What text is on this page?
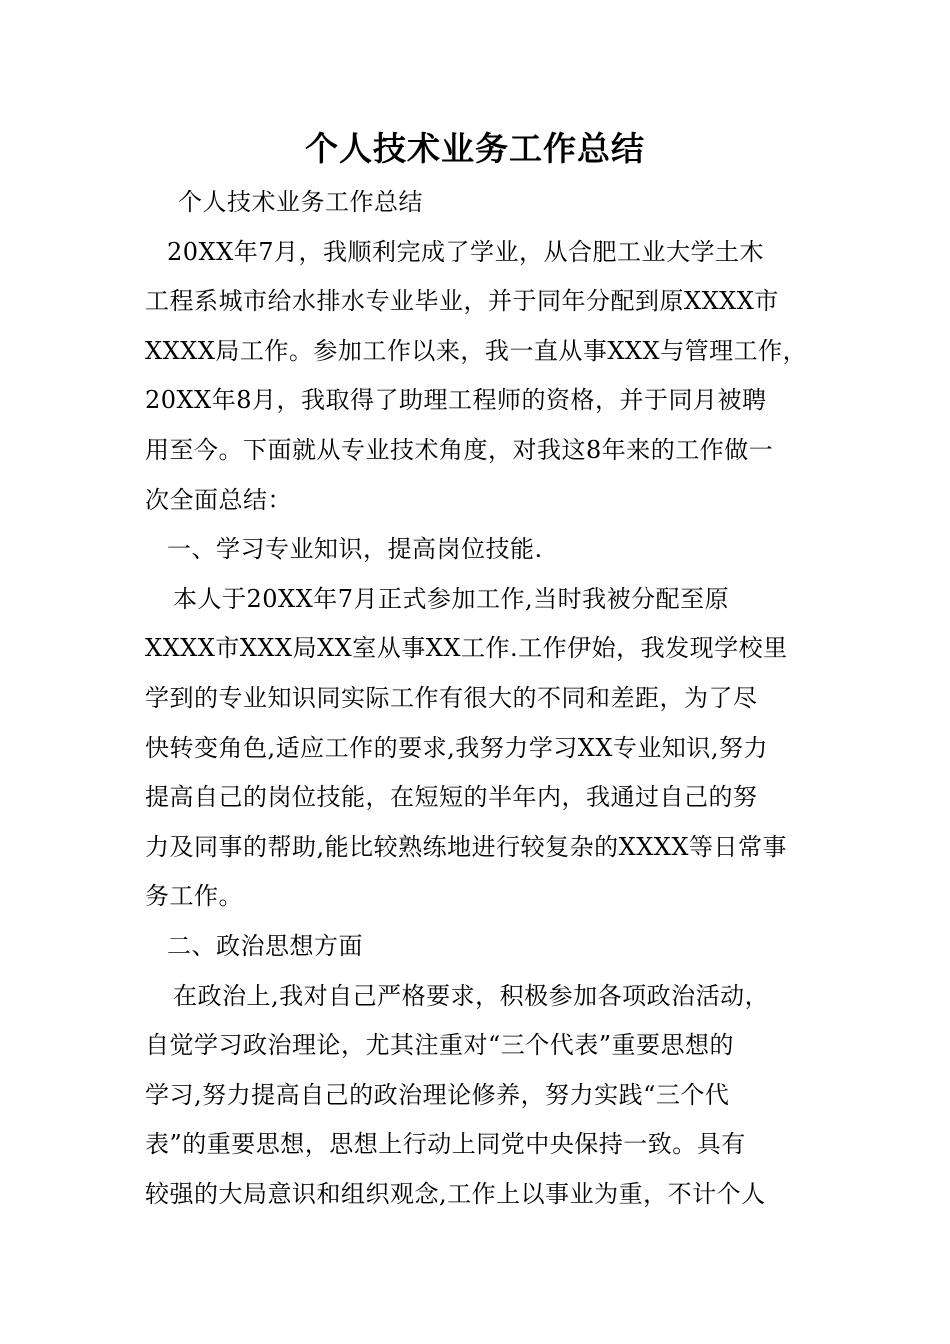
个人技术业务工作总结
个人技术业务工作总结
20XX年7月，我顺利完成了学业，从合肥工业大学土木
工程系城市给水排水专业毕业，并于同年分配到原XXXX市
XXXX局工作。参加工作以来，我一直从事XXX与管理工作，
20XX年8月，我取得了助理工程师的资格，并于同月被聘
用至今。下面就从专业技术角度，对我这8年来的工作做一
次全面总结：
一、学习专业知识，提高岗位技能.
本人于20XX年7月正式参加工作,当时我被分配至原
XXXX市XXX局XX室从事XX工作.工作伊始，我发现学校里
学到的专业知识同实际工作有很大的不同和差距，为了尽
快转变角色,适应工作的要求,我努力学习XX专业知识,努力
提高自己的岗位技能，在短短的半年内，我通过自己的努
力及同事的帮助,能比较熟练地进行较复杂的XXXX等日常事
务工作。
二、政治思想方面
在政治上,我对自己严格要求，积极参加各项政治活动，
自觉学习政治理论，尤其注重对“三个代表”重要思想的
学习,努力提高自己的政治理论修养，努力实践“三个代
表”的重要思想，思想上行动上同党中央保持一致。具有
较强的大局意识和组织观念,工作上以事业为重，不计个人
